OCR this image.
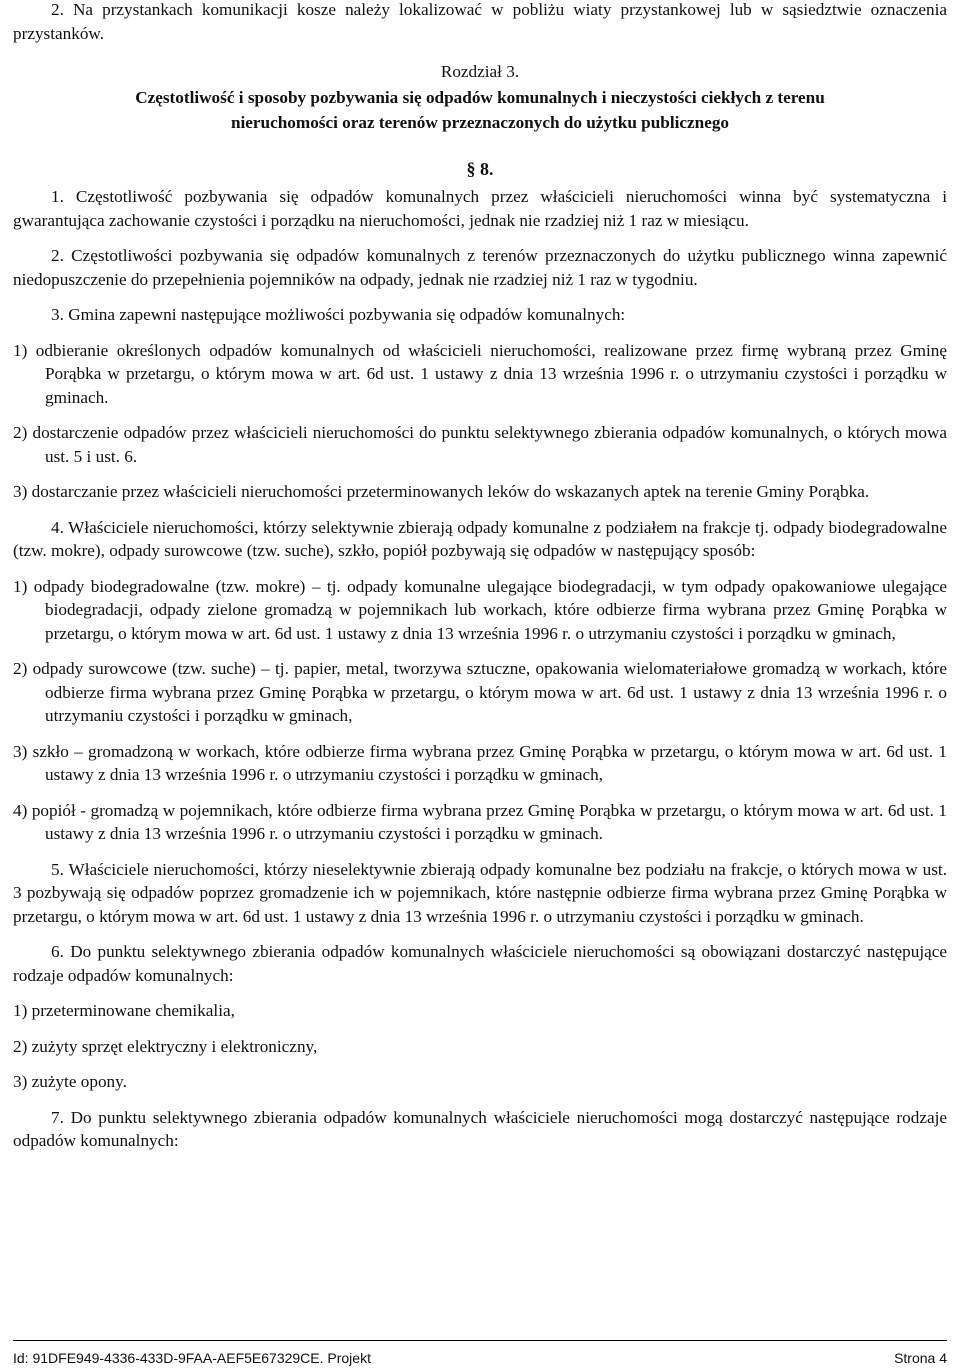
2. Na przystankach komunikacji kosze należy lokalizować w pobliżu wiaty przystankowej lub w sąsiedztwie oznaczenia przystanków.

Rozdział 3.

Częstotliwość i sposoby pozbywania się odpadów komunalnych i nieczystości ciekłych z terenu

nieruchomości oraz terenów przeznaczonych do użytku publicznego

§ 8.

1. Częstotliwość pozbywania się odpadów komunalnych przez właścicieli nieruchomości winna być systematyczna i gwarantująca zachowanie czystości i porządku na nieruchomości, jednak nie rzadziej niż 1 raz w miesiącu.

2. Częstotliwości pozbywania się odpadów komunalnych z terenów przeznaczonych do użytku publicznego winna zapewnić niedopuszczenie do przepełnienia pojemników na odpady, jednak nie rzadziej niż 1 raz w tygodniu.

3. Gmina zapewni następujące możliwości pozbywania się odpadów komunalnych:

1) odbieranie określonych odpadów komunalnych od właścicieli nieruchomości, realizowane przez firmę wybraną przez Gminę Porąbka w przetargu, o którym mowa w art. 6d ust. 1 ustawy z dnia 13 września 1996 r. o utrzymaniu czystości i porządku w gminach.

2) dostarczenie odpadów przez właścicieli nieruchomości do punktu selektywnego zbierania odpadów komunalnych, o których mowa ust. 5 i ust. 6.

3) dostarczanie przez właścicieli nieruchomości przeterminowanych leków do wskazanych aptek na terenie Gminy Porąbka.

4. Właściciele nieruchomości, którzy selektywnie zbierają odpady komunalne z podziałem na frakcje tj. odpady biodegradowalne (tzw. mokre), odpady surowcowe (tzw. suche), szkło, popiół pozbywają się odpadów w następujący sposób:

1) odpady biodegradowalne (tzw. mokre) – tj. odpady komunalne ulegające biodegradacji, w tym odpady opakowaniowe ulegające biodegradacji, odpady zielone gromadzą w pojemnikach lub workach, które odbierze firma wybrana przez Gminę Porąbka w przetargu, o którym mowa w art. 6d ust. 1 ustawy z dnia 13 września 1996 r. o utrzymaniu czystości i porządku w gminach,

2) odpady surowcowe (tzw. suche) – tj. papier, metal, tworzywa sztuczne, opakowania wielomateriałowe gromadzą w workach, które odbierze firma wybrana przez Gminę Porąbka w przetargu, o którym mowa w art. 6d ust. 1 ustawy z dnia 13 września 1996 r. o utrzymaniu czystości i porządku w gminach,

3) szkło – gromadzoną w workach, które odbierze firma wybrana przez Gminę Porąbka w przetargu, o którym mowa w art. 6d ust. 1 ustawy z dnia 13 września 1996 r. o utrzymaniu czystości i porządku w gminach,

4) popiół - gromadzą w pojemnikach, które odbierze firma wybrana przez Gminę Porąbka w przetargu, o którym mowa w art. 6d ust. 1 ustawy z dnia 13 września 1996 r. o utrzymaniu czystości i porządku w gminach.

5. Właściciele nieruchomości, którzy nieselektywnie zbierają odpady komunalne bez podziału na frakcje, o których mowa w ust. 3 pozbywają się odpadów poprzez gromadzenie ich w pojemnikach, które następnie odbierze firma wybrana przez Gminę Porąbka w przetargu, o którym mowa w art. 6d ust. 1 ustawy z dnia 13 września 1996 r. o utrzymaniu czystości i porządku w gminach.

6. Do punktu selektywnego zbierania odpadów komunalnych właściciele nieruchomości są obowiązani dostarczyć następujące rodzaje odpadów komunalnych:

1) przeterminowane chemikalia,

2) zużyty sprzęt elektryczny i elektroniczny,

3) zużyte opony.

7. Do punktu selektywnego zbierania odpadów komunalnych właściciele nieruchomości mogą dostarczyć następujące rodzaje odpadów komunalnych:

Id: 91DFE949-4336-433D-9FAA-AEF5E67329CE. Projekt	Strona 4
